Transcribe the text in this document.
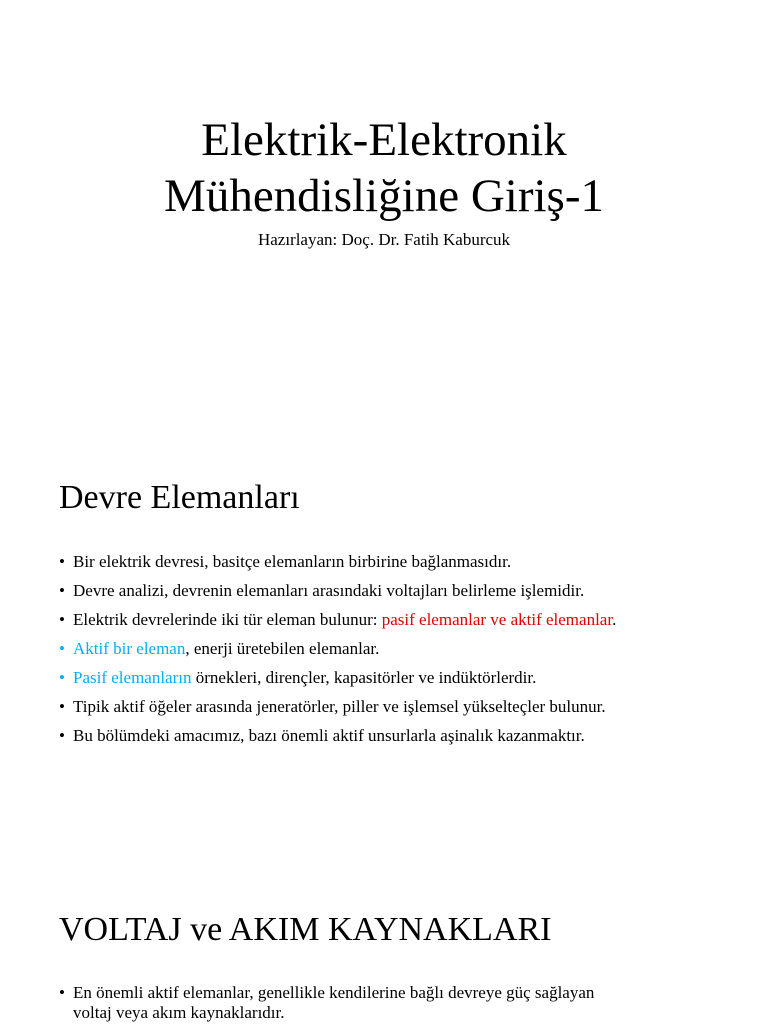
Elektrik-Elektronik
Mühendisliğine Giriş-1

Hazırlayan: Doç. Dr. Fatih Kaburcuk

Devre Elemanları
• Bir elektrik devresi, basitçe elemanların birbirine bağlanmasıdır.
• Devre analizi, devrenin elemanları arasındaki voltajları belirleme işlemidir.
• Elektrik devrelerinde iki tür eleman bulunur: pasif elemanlar ve aktif elemanlar.
• Aktif bir eleman, enerji üretebilen elemanlar.
• Pasif elemanların örnekleri, dirençler, kapasitörler ve indüktörlerdir.
• Tipik aktif öğeler arasında jeneratörler, piller ve işlemsel yükselteçler bulunur.
• Bu bölümdeki amacımız, bazı önemli aktif unsurlarla aşinalık kazanmaktır.
VOLTAJ ve AKIM KAYNAKLARI
• En önemli aktif elemanlar, genellikle kendilerine bağlı devreye güç sağlayan
voltaj veya akım kaynaklarıdır.
